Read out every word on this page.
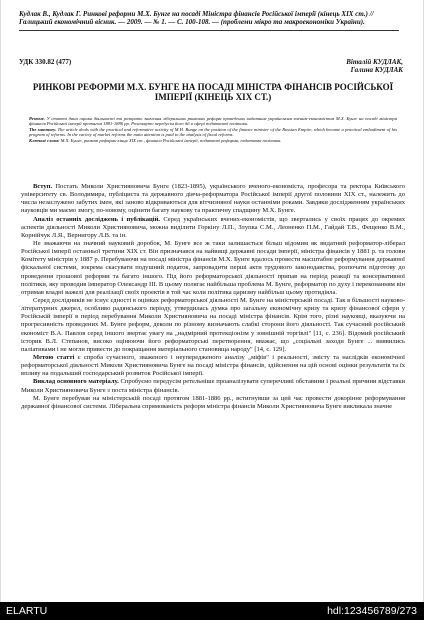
Кудлак В., Кудлак Г. Ринкові реформи М.Х. Бунге на посаді Міністра фінансів Російської імперії (кінець XIX ст.) // Галицький економічний вісник. — 2009. — № 1. — С. 100-108. — (проблеми мікро та макроекономіки України).
УДК 330.82 (477)	Віталій КУДЛАК,
Галина КУДЛАК
РИНКОВІ РЕФОРМИ М.Х. БУНГЕ НА ПОСАДІ МІНІСТРА ФІНАНСІВ РОСІЙСЬКОЇ ІМПЕРІЇ (КІНЕЦЬ XIX СТ.)
Резюме. У статті дана оцінка діяльності та розкрито значення ліберальних ринкових реформ проведених видатним українським вченим-економістом М.Х. Бунге на посаді міністра фінансів Російської імперії протягом 1881-1886 рр. Розглянуто передусім його дії в сфері податкової політики.
The summary. The article deals with the practical and reformative activity of M.H. Bunge on the position of the finance minister of the Russian Empire, which became a practical embodiment of his program of reforms. In the variety of market reforms the main attention is paid to the analysis of fiscal reforms.
Ключові слова: М.Х. Бунге, ринкові реформи кінця XIX ст., фінанси Російської імперії, податкові реформи, податкова політика.

Вступ. Постать Миколи Християновича Бунге (1823-1895), українського вченого-економіста, професора та ректора Київського університету св. Володимира, публіциста та державного діяча-реформатора Російської імперії другої половини XIX ст., належить до числа незаслужено забутих імен, які заново відкриваються для вітчизняної науки останніми роками. Завдяки дослідженням українських науковців ми маємо змогу, по-новому, оцінити багату наукову та практичну спадщину М.Х. Бунге.

Аналіз останніх досліджень і публікацій. Серед українських вчених-економістів, що звертались у своїх працях до окремих аспектів діяльності Миколи Християновича, можна виділити Горкіну Л.П., Злупка С.М., Леоненко П.М., Гайдай Т.В., Фещенко В.М., Корнійчук Л.Я., Вернигору Л.В. та ін.

Не зважаючи на значний науковий доробок, М. Бунге все ж таки залишається більш відомим як видатний реформатор-ліберал Російської імперії останньої третини XIX ст. Він призначався на найвищі державні посади імперії, міністра фінансів у 1881 р. та голови Комітету міністрів у 1887 р. Перебуваючи на посаді міністра фінансів М.Х. Бунге вдалось провести масштабне реформування державної фіскальної системи, зокрема скасувати подушний податок, запровадити перші акти трудового законодавства, розпочати підготову до проведення грошової реформи та багато іншого. Під його реформаторської діяльності припав на період реакції та консервативної політики, яку проводив імператор Олександр III. В цьому полягає найбільша проблема М. Бунге, реформатор по духу і переконанням він отримав владні важелі для реалізації своїх проектів в той час коли політика царизму найбільш цьому протидіяла.

Серед дослідників не існує єдності в оцінках реформаторської діяльності М. Бунге на міністерській посаді. Так в більшості науково-літературних джерел, особливо радянського періоду, утвердилась думка про загальну економічну кризу та кризу фінансової сфери у Російській імперії в період перебування Миколи Християновича на посаді міністра фінансів. Крім того, різні науковці, вказуючи на прогресивність проведених М. Бунге реформ, деколи по різному визначають слабкі сторони його діяльності. Так сучасний російський економіст В.А. Павлов серед іншого звертає увагу на „надмірний протекціонізм у зовнішній торгівлі" [11, с. 236]. Відомий російський історик В.Л. Степанов, високо оцінюючи його реформаторські перетворення, вважає, що „соціальні заходи Бунге ... виявились паліативами і не могли привести до покращання матеріального становища народу" [14, с. 129].

Метою статті є спроба сучасного, зваженого і неупередженого аналізу „міфів" і реальності, змісту та наслідків економічної реформаторської діяльності Миколи Християновича Бунге на посаді міністра фінансів, здійснення на цій основі оцінки результатів та їх впливу на подальший господарський розвиток Російської імперії.

Виклад основного матеріалу. Спробуємо передусім ретельніше проаналізувати суперечливі обставини і реальні причини відставки Миколи Християновича Бунге з поста міністра фінансів.

М. Бунге перебував на міністерській посаді протягом 1881-1886 рр., встигнувши за цей час провести докорінне реформування державної фінансової системи. Ліберальна спрямованість реформ міністра фінансів Миколи Християновича Бунге викликала значне

ELARTU	hdl:123456789/273
